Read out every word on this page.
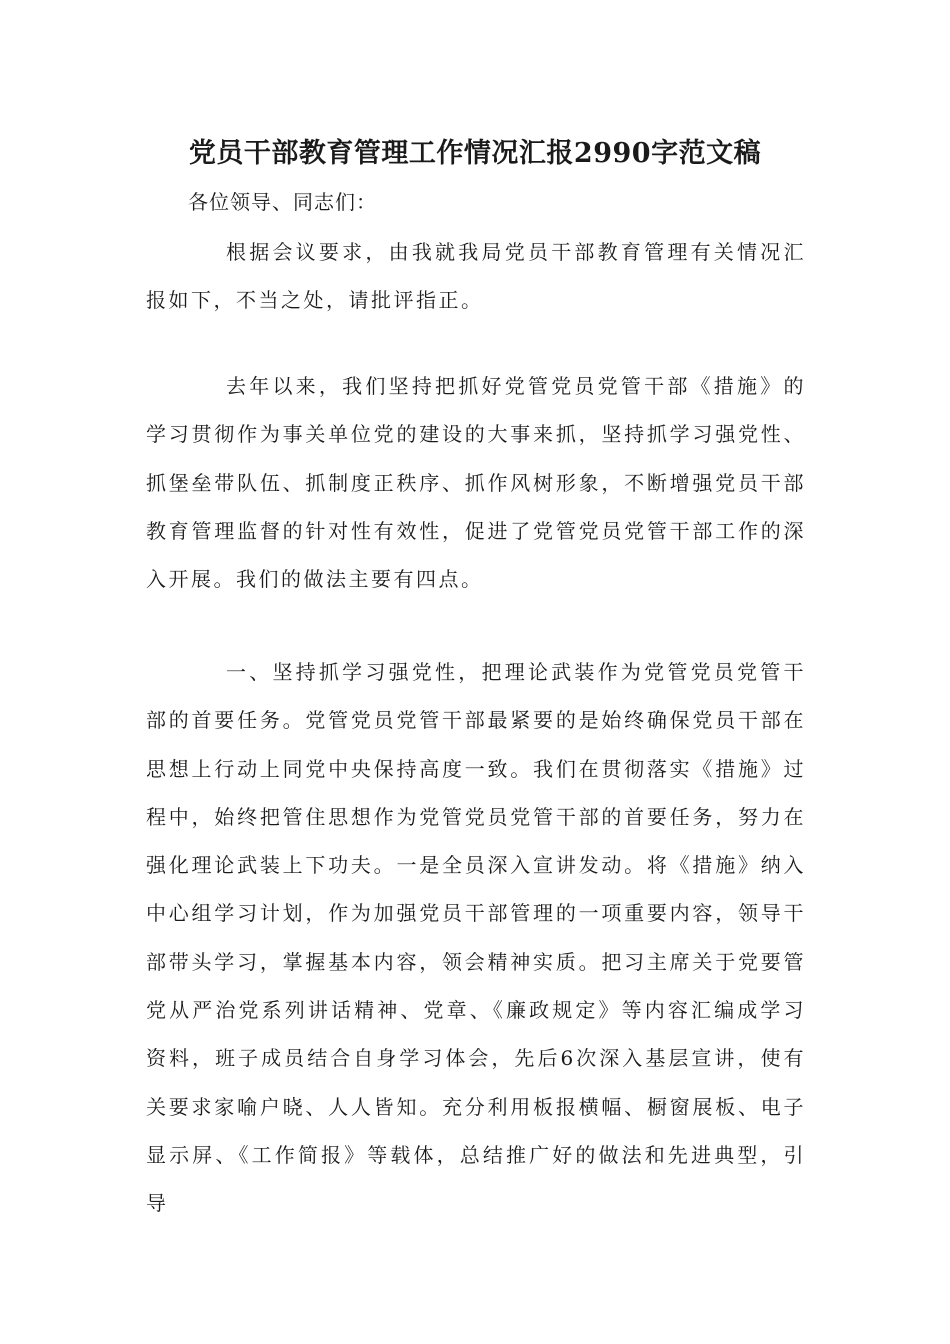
党员干部教育管理工作情况汇报2990字范文稿

各位领导、同志们：

根据会议要求，由我就我局党员干部教育管理有关情况汇报如下，不当之处，请批评指正。

去年以来，我们坚持把抓好党管党员党管干部《措施》的学习贯彻作为事关单位党的建设的大事来抓，坚持抓学习强党性、抓堡垒带队伍、抓制度正秩序、抓作风树形象，不断增强党员干部教育管理监督的针对性有效性，促进了党管党员党管干部工作的深入开展。我们的做法主要有四点。

一、坚持抓学习强党性，把理论武装作为党管党员党管干部的首要任务。党管党员党管干部最紧要的是始终确保党员干部在思想上行动上同党中央保持高度一致。我们在贯彻落实《措施》过程中，始终把管住思想作为党管党员党管干部的首要任务，努力在强化理论武装上下功夫。一是全员深入宣讲发动。将《措施》纳入中心组学习计划，作为加强党员干部管理的一项重要内容，领导干部带头学习，掌握基本内容，领会精神实质。把习主席关于党要管党从严治党系列讲话精神、党章、《廉政规定》等内容汇编成学习资料，班子成员结合自身学习体会，先后6次深入基层宣讲，使有关要求家喻户晓、人人皆知。充分利用板报横幅、橱窗展板、电子显示屏、《工作简报》等载体，总结推广好的做法和先进典型，引导
